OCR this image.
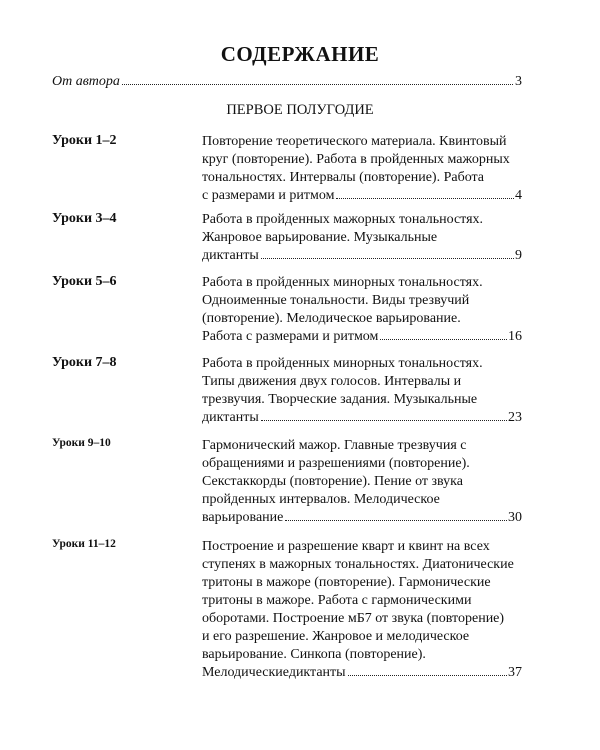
СОДЕРЖАНИЕ
От автора	3
ПЕРВОЕ ПОЛУГОДИЕ
Уроки 1–2	Повторение теоретического материала. Квинтовый
круг (повторение). Работа в пройденных мажорных
тональностях. Интервалы (повторение). Работа
с размерами и ритмом	4
Уроки 3–4	Работа в пройденных мажорных тональностях.
Жанровое варьирование. Музыкальные
диктанты	9
Уроки 5–6	Работа в пройденных минорных тональностях.
Одноименные тональности. Виды трезвучий
(повторение). Мелодическое варьирование.
Работа с размерами и ритмом	16
Уроки 7–8	Работа в пройденных минорных тональностях.
Типы движения двух голосов. Интервалы и
трезвучия. Творческие задания. Музыкальные
диктанты	23
Уроки 9–10	Гармонический мажор. Главные трезвучия с
обращениями и разрешениями (повторение).
Секстаккорды (повторение). Пение от звука
пройденных интервалов. Мелодическое
варьирование	30
Уроки 11–12	Построение и разрешение кварт и квинт на всех
ступенях в мажорных тональностях. Диатонические
тритоны в мажоре (повторение). Гармонические
тритоны в мажоре. Работа с гармоническими
оборотами. Построение мБ7 от звука (повторение)
и его разрешение. Жанровое и мелодическое
варьирование. Синкопа (повторение).
Мелодическиедиктанты	37
